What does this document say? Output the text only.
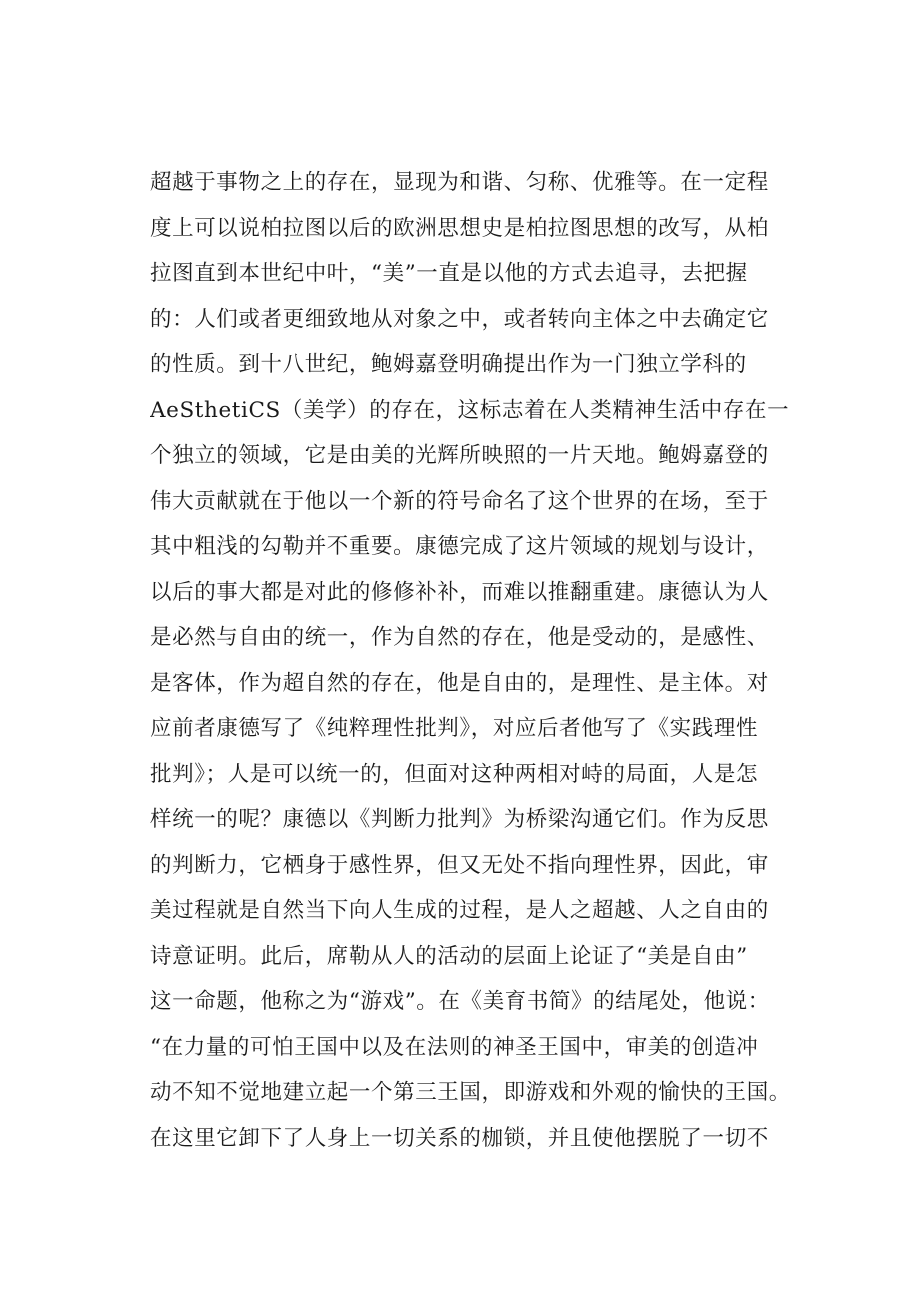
超越于事物之上的存在，显现为和谐、匀称、优雅等。在一定程
度上可以说柏拉图以后的欧洲思想史是柏拉图思想的改写，从柏
拉图直到本世纪中叶，“美”一直是以他的方式去追寻，去把握
的：人们或者更细致地从对象之中，或者转向主体之中去确定它
的性质。到十八世纪，鲍姆嘉登明确提出作为一门独立学科的
AeSthetiCS（美学）的存在，这标志着在人类精神生活中存在一
个独立的领域，它是由美的光辉所映照的一片天地。鲍姆嘉登的
伟大贡献就在于他以一个新的符号命名了这个世界的在场，至于
其中粗浅的勾勒并不重要。康德完成了这片领域的规划与设计，
以后的事大都是对此的修修补补，而难以推翻重建。康德认为人
是必然与自由的统一，作为自然的存在，他是受动的，是感性、
是客体，作为超自然的存在，他是自由的，是理性、是主体。对
应前者康德写了《纯粹理性批判》，对应后者他写了《实践理性
批判》；人是可以统一的，但面对这种两相对峙的局面，人是怎
样统一的呢？康德以《判断力批判》为桥梁沟通它们。作为反思
的判断力，它栖身于感性界，但又无处不指向理性界，因此，审
美过程就是自然当下向人生成的过程，是人之超越、人之自由的
诗意证明。此后，席勒从人的活动的层面上论证了“美是自由”
这一命题，他称之为“游戏”。在《美育书简》的结尾处，他说：
“在力量的可怕王国中以及在法则的神圣王国中，审美的创造冲
动不知不觉地建立起一个第三王国，即游戏和外观的愉快的王国。
在这里它卸下了人身上一切关系的枷锁，并且使他摆脱了一切不
